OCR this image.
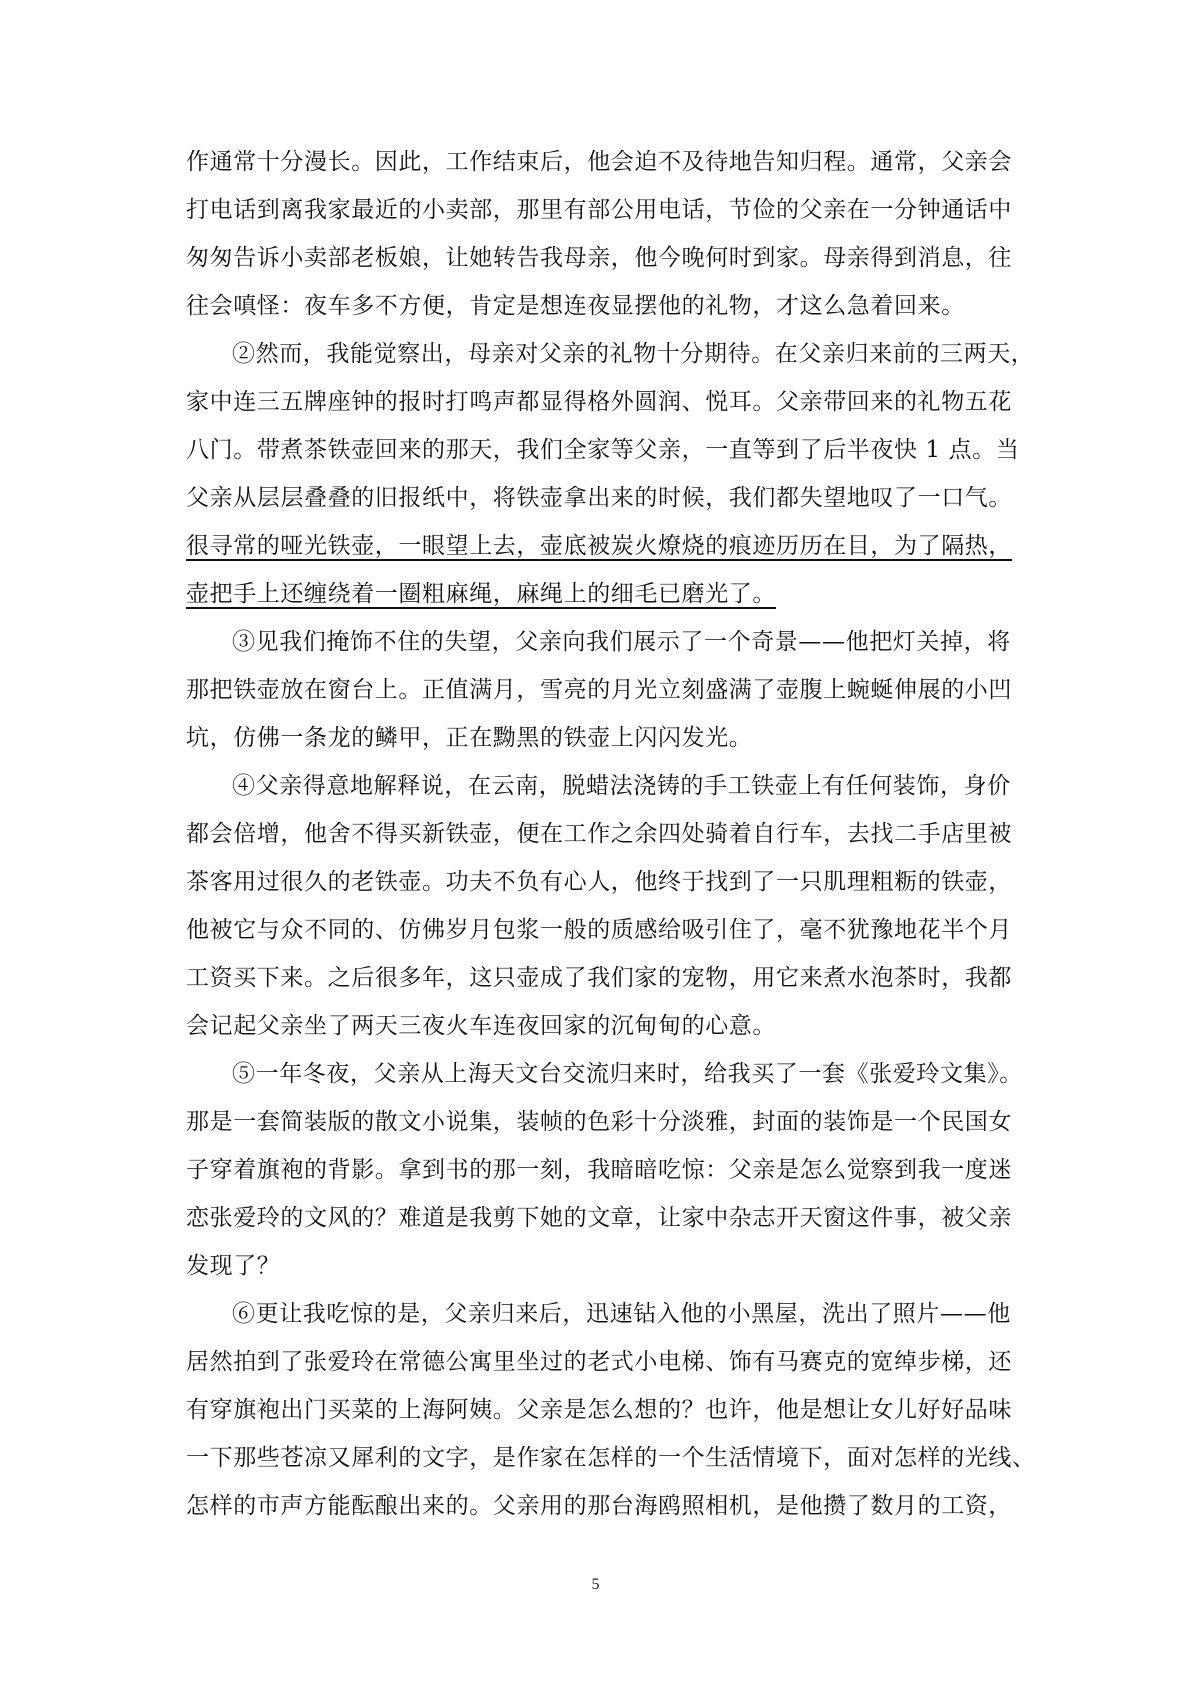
作通常十分漫长。因此，工作结束后，他会迫不及待地告知归程。通常，父亲会
打电话到离我家最近的小卖部，那里有部公用电话，节俭的父亲在一分钟通话中
匆匆告诉小卖部老板娘，让她转告我母亲，他今晚何时到家。母亲得到消息，往
往会嗔怪：夜车多不方便，肯定是想连夜显摆他的礼物，才这么急着回来。
②然而，我能觉察出，母亲对父亲的礼物十分期待。在父亲归来前的三两天，
家中连三五牌座钟的报时打鸣声都显得格外圆润、悦耳。父亲带回来的礼物五花
八门。带煮茶铁壶回来的那天，我们全家等父亲，一直等到了后半夜快 1 点。当
父亲从层层叠叠的旧报纸中，将铁壶拿出来的时候，我们都失望地叹了一口气。
很寻常的哑光铁壶，一眼望上去，壶底被炭火燎烧的痕迹历历在目，为了隔热，
壶把手上还缠绕着一圈粗麻绳，麻绳上的细毛已磨光了。
③见我们掩饰不住的失望，父亲向我们展示了一个奇景——他把灯关掉，将
那把铁壶放在窗台上。正值满月，雪亮的月光立刻盛满了壶腹上蜿蜒伸展的小凹
坑，仿佛一条龙的鳞甲，正在黝黑的铁壶上闪闪发光。
④父亲得意地解释说，在云南，脱蜡法浇铸的手工铁壶上有任何装饰，身价
都会倍增，他舍不得买新铁壶，便在工作之余四处骑着自行车，去找二手店里被
茶客用过很久的老铁壶。功夫不负有心人，他终于找到了一只肌理粗粝的铁壶，
他被它与众不同的、仿佛岁月包浆一般的质感给吸引住了，毫不犹豫地花半个月
工资买下来。之后很多年，这只壶成了我们家的宠物，用它来煮水泡茶时，我都
会记起父亲坐了两天三夜火车连夜回家的沉甸甸的心意。
⑤一年冬夜，父亲从上海天文台交流归来时，给我买了一套《张爱玲文集》。
那是一套简装版的散文小说集，装帧的色彩十分淡雅，封面的装饰是一个民国女
子穿着旗袍的背影。拿到书的那一刻，我暗暗吃惊：父亲是怎么觉察到我一度迷
恋张爱玲的文风的？难道是我剪下她的文章，让家中杂志开天窗这件事，被父亲
发现了？
⑥更让我吃惊的是，父亲归来后，迅速钻入他的小黑屋，洗出了照片——他
居然拍到了张爱玲在常德公寓里坐过的老式小电梯、饰有马赛克的宽绰步梯，还
有穿旗袍出门买菜的上海阿姨。父亲是怎么想的？也许，他是想让女儿好好品味
一下那些苍凉又犀利的文字，是作家在怎样的一个生活情境下，面对怎样的光线、
怎样的市声方能酝酿出来的。父亲用的那台海鸥照相机，是他攒了数月的工资，
5
